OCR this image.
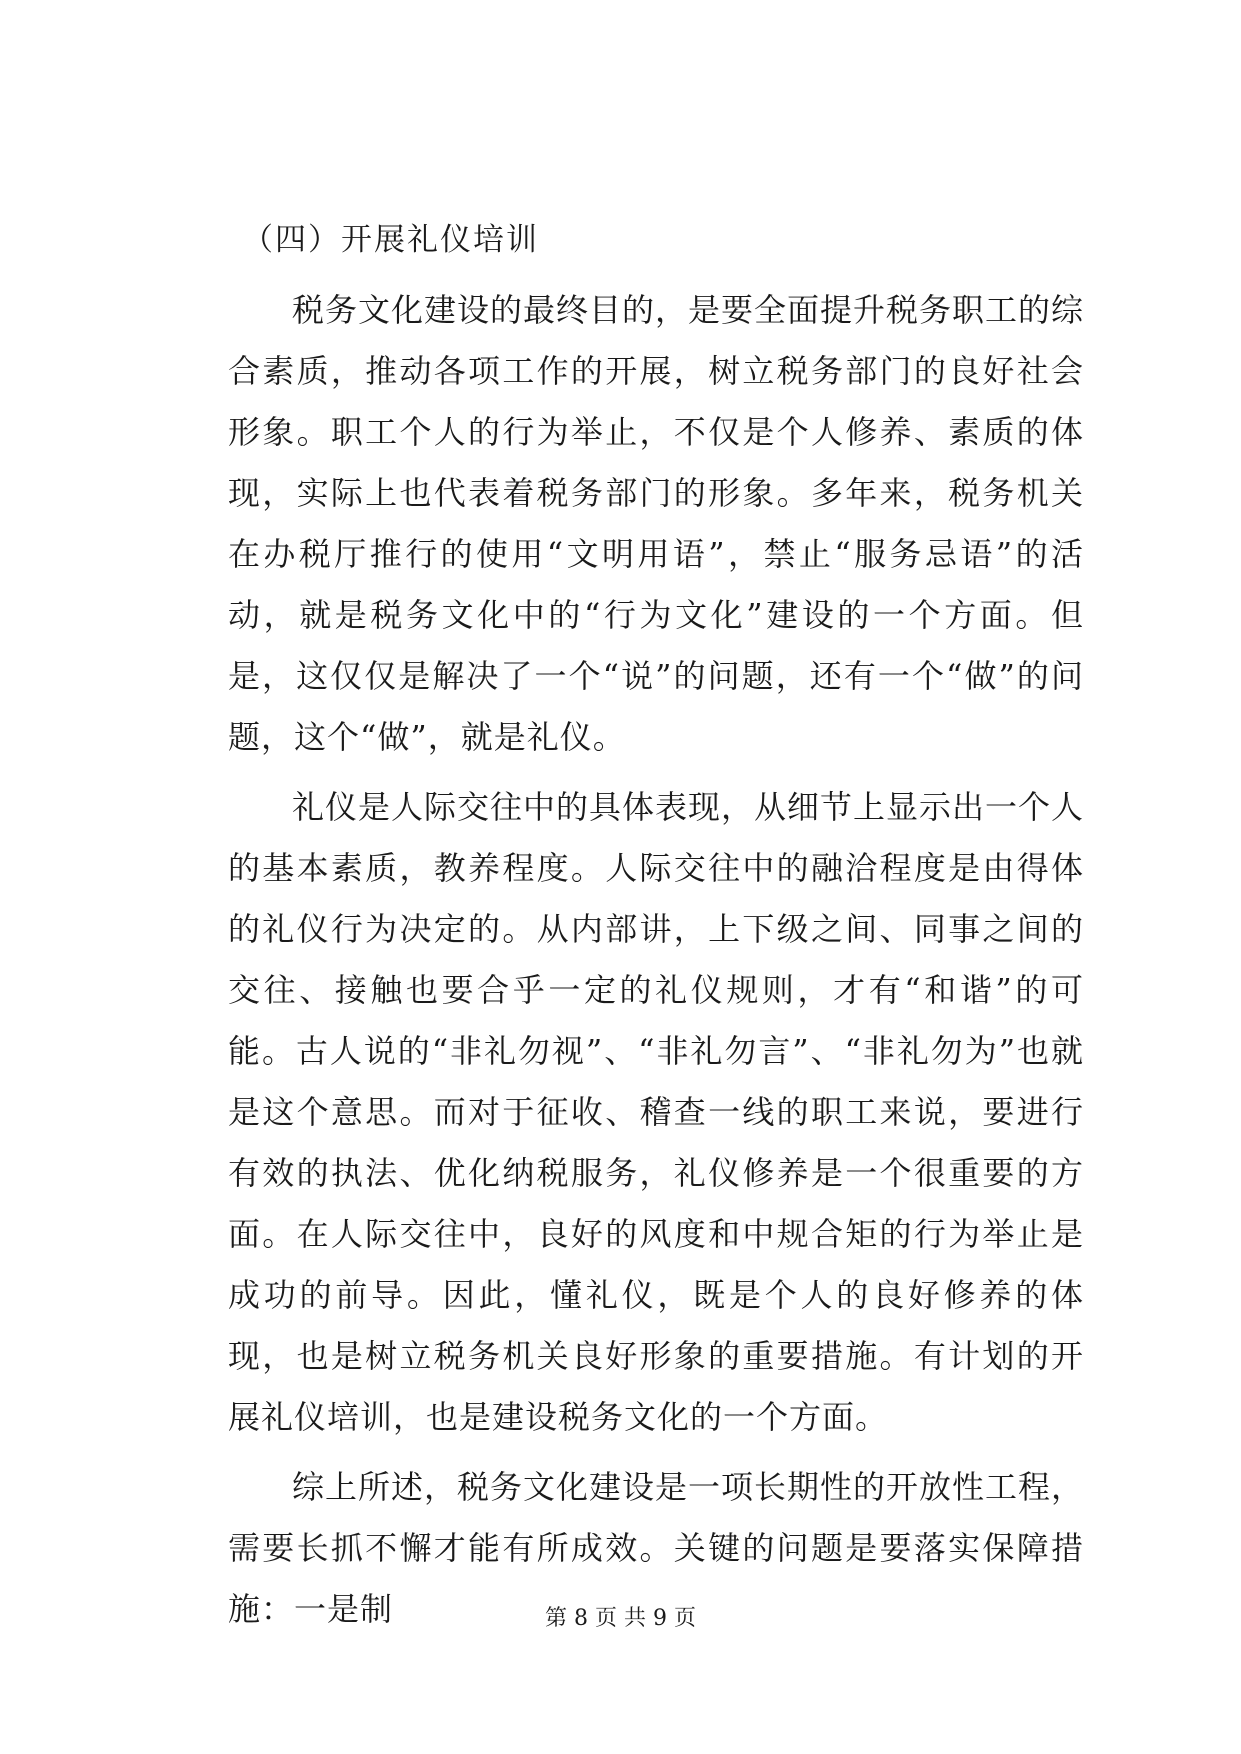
（四）开展礼仪培训

税务文化建设的最终目的，是要全面提升税务职工的综合素质，推动各项工作的开展，树立税务部门的良好社会形象。职工个人的行为举止，不仅是个人修养、素质的体现，实际上也代表着税务部门的形象。多年来，税务机关在办税厅推行的使用“文明用语”，禁止“服务忌语”的活动，就是税务文化中的“行为文化”建设的一个方面。但是，这仅仅是解决了一个“说”的问题，还有一个“做”的问题，这个“做”，就是礼仪。

礼仪是人际交往中的具体表现，从细节上显示出一个人的基本素质，教养程度。人际交往中的融洽程度是由得体的礼仪行为决定的。从内部讲，上下级之间、同事之间的交往、接触也要合乎一定的礼仪规则，才有“和谐”的可能。古人说的“非礼勿视”、“非礼勿言”、“非礼勿为”也就是这个意思。而对于征收、稽查一线的职工来说，要进行有效的执法、优化纳税服务，礼仪修养是一个很重要的方面。在人际交往中，良好的风度和中规合矩的行为举止是成功的前导。因此，懂礼仪，既是个人的良好修养的体现，也是树立税务机关良好形象的重要措施。有计划的开展礼仪培训，也是建设税务文化的一个方面。

综上所述，税务文化建设是一项长期性的开放性工程，需要长抓不懈才能有所成效。关键的问题是要落实保障措施：一是制	第 8 页 共 9 页
